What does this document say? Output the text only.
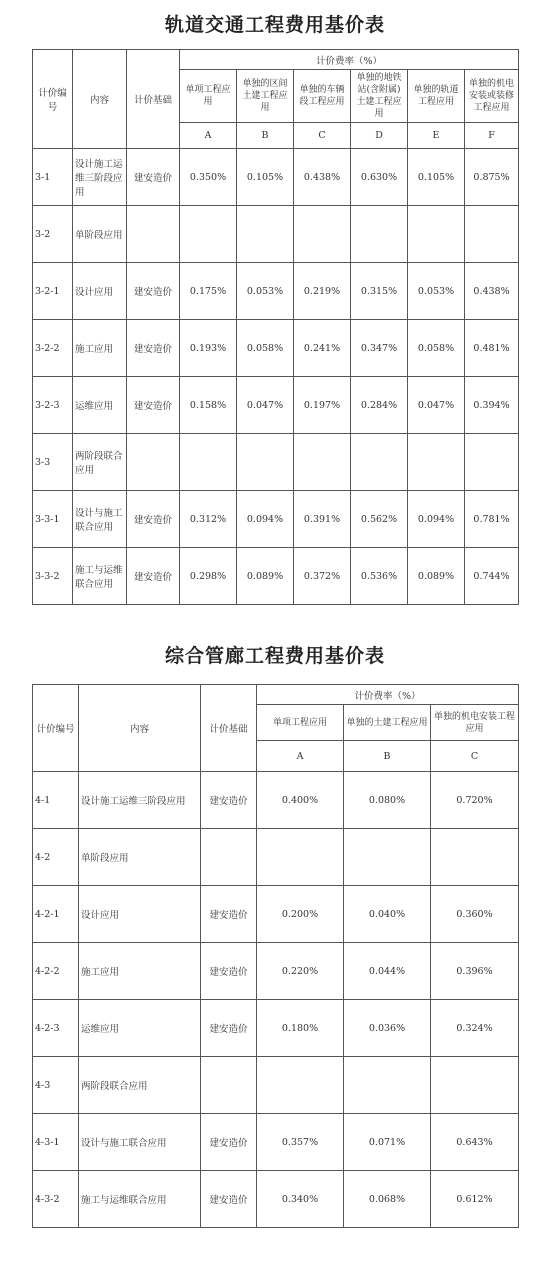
轨道交通工程费用基价表
计价编号	内容	计价基础	计价费率（%）					
			单项工程应用	单独的区间土建工程应用	单独的车辆段工程应用	单独的地铁站(含附属)土建工程应用	单独的轨道工程应用	单独的机电安装或装修工程应用
			A	B	C	D	E	F
3-1	设计施工运维三阶段应用	建安造价	0.350%	0.105%	0.438%	0.630%	0.105%	0.875%
3-2	单阶段应用							
3-2-1	设计应用	建安造价	0.175%	0.053%	0.219%	0.315%	0.053%	0.438%
3-2-2	施工应用	建安造价	0.193%	0.058%	0.241%	0.347%	0.058%	0.481%
3-2-3	运维应用	建安造价	0.158%	0.047%	0.197%	0.284%	0.047%	0.394%
3-3	两阶段联合应用							
3-3-1	设计与施工联合应用	建安造价	0.312%	0.094%	0.391%	0.562%	0.094%	0.781%
3-3-2	施工与运维联合应用	建安造价	0.298%	0.089%	0.372%	0.536%	0.089%	0.744%
综合管廊工程费用基价表
计价编号	内容	计价基础	计价费率（%）		
			单项工程应用	单独的土建工程应用	单独的机电安装工程应用
			A	B	C
4-1	设计施工运维三阶段应用	建安造价	0.400%	0.080%	0.720%
4-2	单阶段应用				
4-2-1	设计应用	建安造价	0.200%	0.040%	0.360%
4-2-2	施工应用	建安造价	0.220%	0.044%	0.396%
4-2-3	运维应用	建安造价	0.180%	0.036%	0.324%
4-3	两阶段联合应用				
4-3-1	设计与施工联合应用	建安造价	0.357%	0.071%	0.643%
4-3-2	施工与运维联合应用	建安造价	0.340%	0.068%	0.612%
